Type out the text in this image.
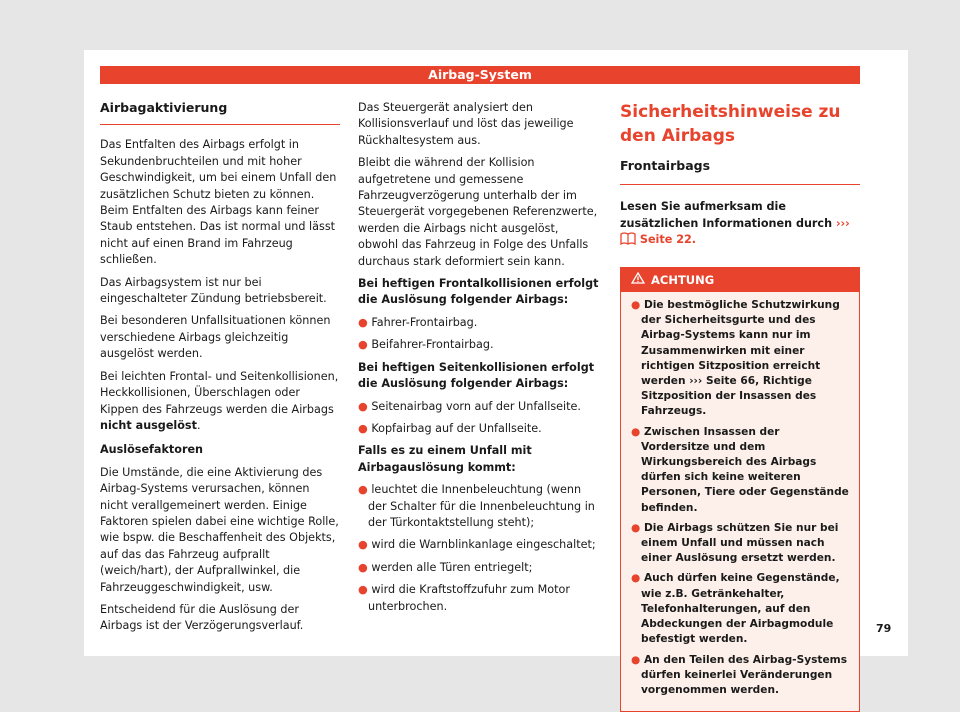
Airbag-System
Airbagaktivierung

Das Entfalten des Airbags erfolgt in Sekundenbruchteilen und mit hoher Geschwindigkeit, um bei einem Unfall den zusätzlichen Schutz bieten zu können. Beim Entfalten des Airbags kann feiner Staub entstehen. Das ist normal und lässt nicht auf einen Brand im Fahrzeug schließen.

Das Airbagsystem ist nur bei eingeschalteter Zündung betriebsbereit.

Bei besonderen Unfallsituationen können verschiedene Airbags gleichzeitig ausgelöst werden.

Bei leichten Frontal- und Seitenkollisionen, Heckkollisionen, Überschlagen oder Kippen des Fahrzeugs werden die Airbags nicht ausgelöst.

Auslösefaktoren

Die Umstände, die eine Aktivierung des Airbag-Systems verursachen, können nicht verallgemeinert werden. Einige Faktoren spielen dabei eine wichtige Rolle, wie bspw. die Beschaffenheit des Objekts, auf das das Fahrzeug aufprallt (weich/hart), der Aufprallwinkel, die Fahrzeuggeschwindigkeit, usw.

Entscheidend für die Auslösung der Airbags ist der Verzögerungsverlauf.

Das Steuergerät analysiert den Kollisionsverlauf und löst das jeweilige Rückhaltesystem aus.

Bleibt die während der Kollision aufgetretene und gemessene Fahrzeugverzögerung unterhalb der im Steuergerät vorgegebenen Referenzwerte, werden die Airbags nicht ausgelöst, obwohl das Fahrzeug in Folge des Unfalls durchaus stark deformiert sein kann.

Bei heftigen Frontalkollisionen erfolgt die Auslösung folgender Airbags:

● Fahrer-Frontairbag.

● Beifahrer-Frontairbag.

Bei heftigen Seitenkollisionen erfolgt die Auslösung folgender Airbags:

● Seitenairbag vorn auf der Unfallseite.

● Kopfairbag auf der Unfallseite.

Falls es zu einem Unfall mit Airbagauslösung kommt:

● leuchtet die Innenbeleuchtung (wenn der Schalter für die Innenbeleuchtung in der Türkontaktstellung steht);

● wird die Warnblinkanlage eingeschaltet;

● werden alle Türen entriegelt;

● wird die Kraftstoffzufuhr zum Motor unterbrochen.

Sicherheitshinweise zu den Airbags
Frontairbags

Lesen Sie aufmerksam die zusätzlichen Informationen durch ›››  Seite 22.

ACHTUNG

● Die bestmögliche Schutzwirkung der Sicherheitsgurte und des Airbag-Systems kann nur im Zusammenwirken mit einer richtigen Sitzposition erreicht werden ››› Seite 66, Richtige Sitzposition der Insassen des Fahrzeugs.

● Zwischen Insassen der Vordersitze und dem Wirkungsbereich des Airbags dürfen sich keine weiteren Personen, Tiere oder Gegenstände befinden.

● Die Airbags schützen Sie nur bei einem Unfall und müssen nach einer Auslösung ersetzt werden.

● Auch dürfen keine Gegenstände, wie z.B. Getränkehalter, Telefonhalterungen, auf den Abdeckungen der Airbagmodule befestigt werden.

● An den Teilen des Airbag-Systems dürfen keinerlei Veränderungen vorgenommen werden.

79
